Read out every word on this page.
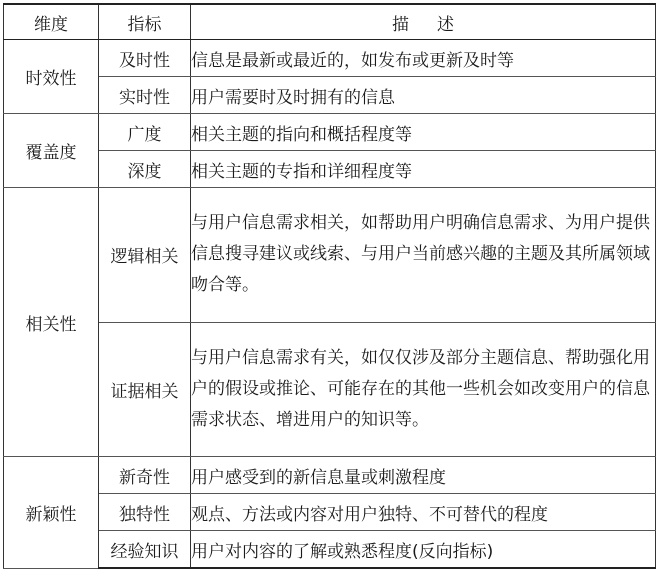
维度	指标	描 述
时效性	及时性	信息是最新或最近的，如发布或更新及时等
	实时性	用户需要时及时拥有的信息
覆盖度	广度	相关主题的指向和概括程度等
	深度	相关主题的专指和详细程度等
相关性	逻辑相关	与用户信息需求相关，如帮助用户明确信息需求、为用户提供信息搜寻建议或线索、与用户当前感兴趣的主题及其所属领域吻合等。
	证据相关	与用户信息需求有关，如仅仅涉及部分主题信息、帮助强化用户的假设或推论、可能存在的其他一些机会如改变用户的信息需求状态、增进用户的知识等。
新颖性	新奇性	用户感受到的新信息量或刺激程度
	独特性	观点、方法或内容对用户独特、不可替代的程度
	经验知识	用户对内容的了解或熟悉程度(反向指标)
